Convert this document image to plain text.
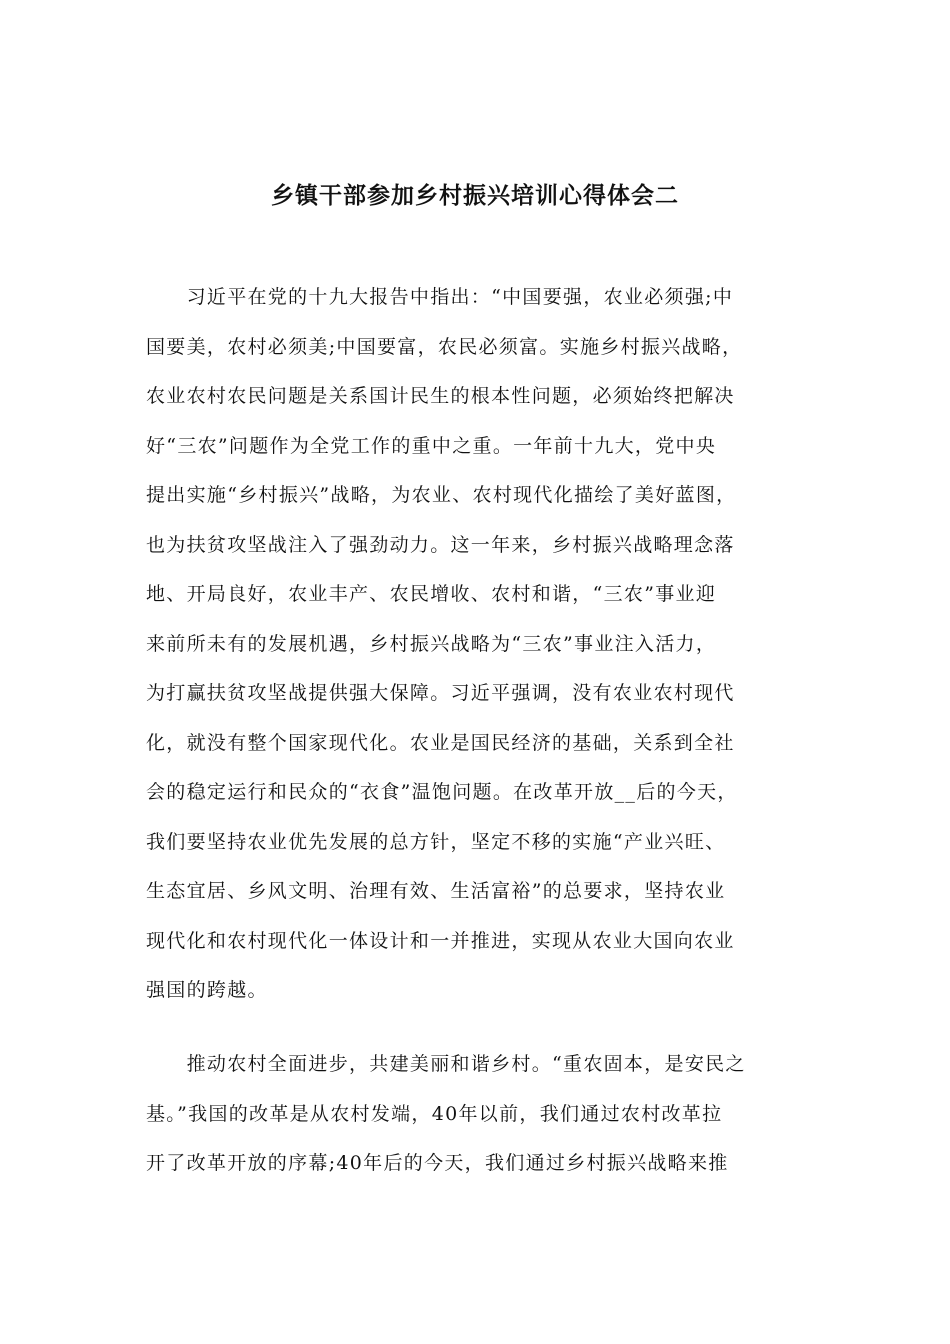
乡镇干部参加乡村振兴培训心得体会二
　　习近平在党的十九大报告中指出：“中国要强，农业必须强;中
国要美，农村必须美;中国要富，农民必须富。实施乡村振兴战略，
农业农村农民问题是关系国计民生的根本性问题，必须始终把解决
好“三农”问题作为全党工作的重中之重。一年前十九大，党中央
提出实施“乡村振兴”战略，为农业、农村现代化描绘了美好蓝图，
也为扶贫攻坚战注入了强劲动力。这一年来，乡村振兴战略理念落
地、开局良好，农业丰产、农民增收、农村和谐，“三农”事业迎
来前所未有的发展机遇，乡村振兴战略为“三农”事业注入活力，
为打赢扶贫攻坚战提供强大保障。习近平强调，没有农业农村现代
化，就没有整个国家现代化。农业是国民经济的基础，关系到全社
会的稳定运行和民众的“衣食”温饱问题。在改革开放__后的今天，
我们要坚持农业优先发展的总方针，坚定不移的实施“产业兴旺、
生态宜居、乡风文明、治理有效、生活富裕”的总要求，坚持农业
现代化和农村现代化一体设计和一并推进，实现从农业大国向农业
强国的跨越。
　　推动农村全面进步，共建美丽和谐乡村。“重农固本，是安民之
基。”我国的改革是从农村发端，40年以前，我们通过农村改革拉
开了改革开放的序幕;40年后的今天，我们通过乡村振兴战略来推
